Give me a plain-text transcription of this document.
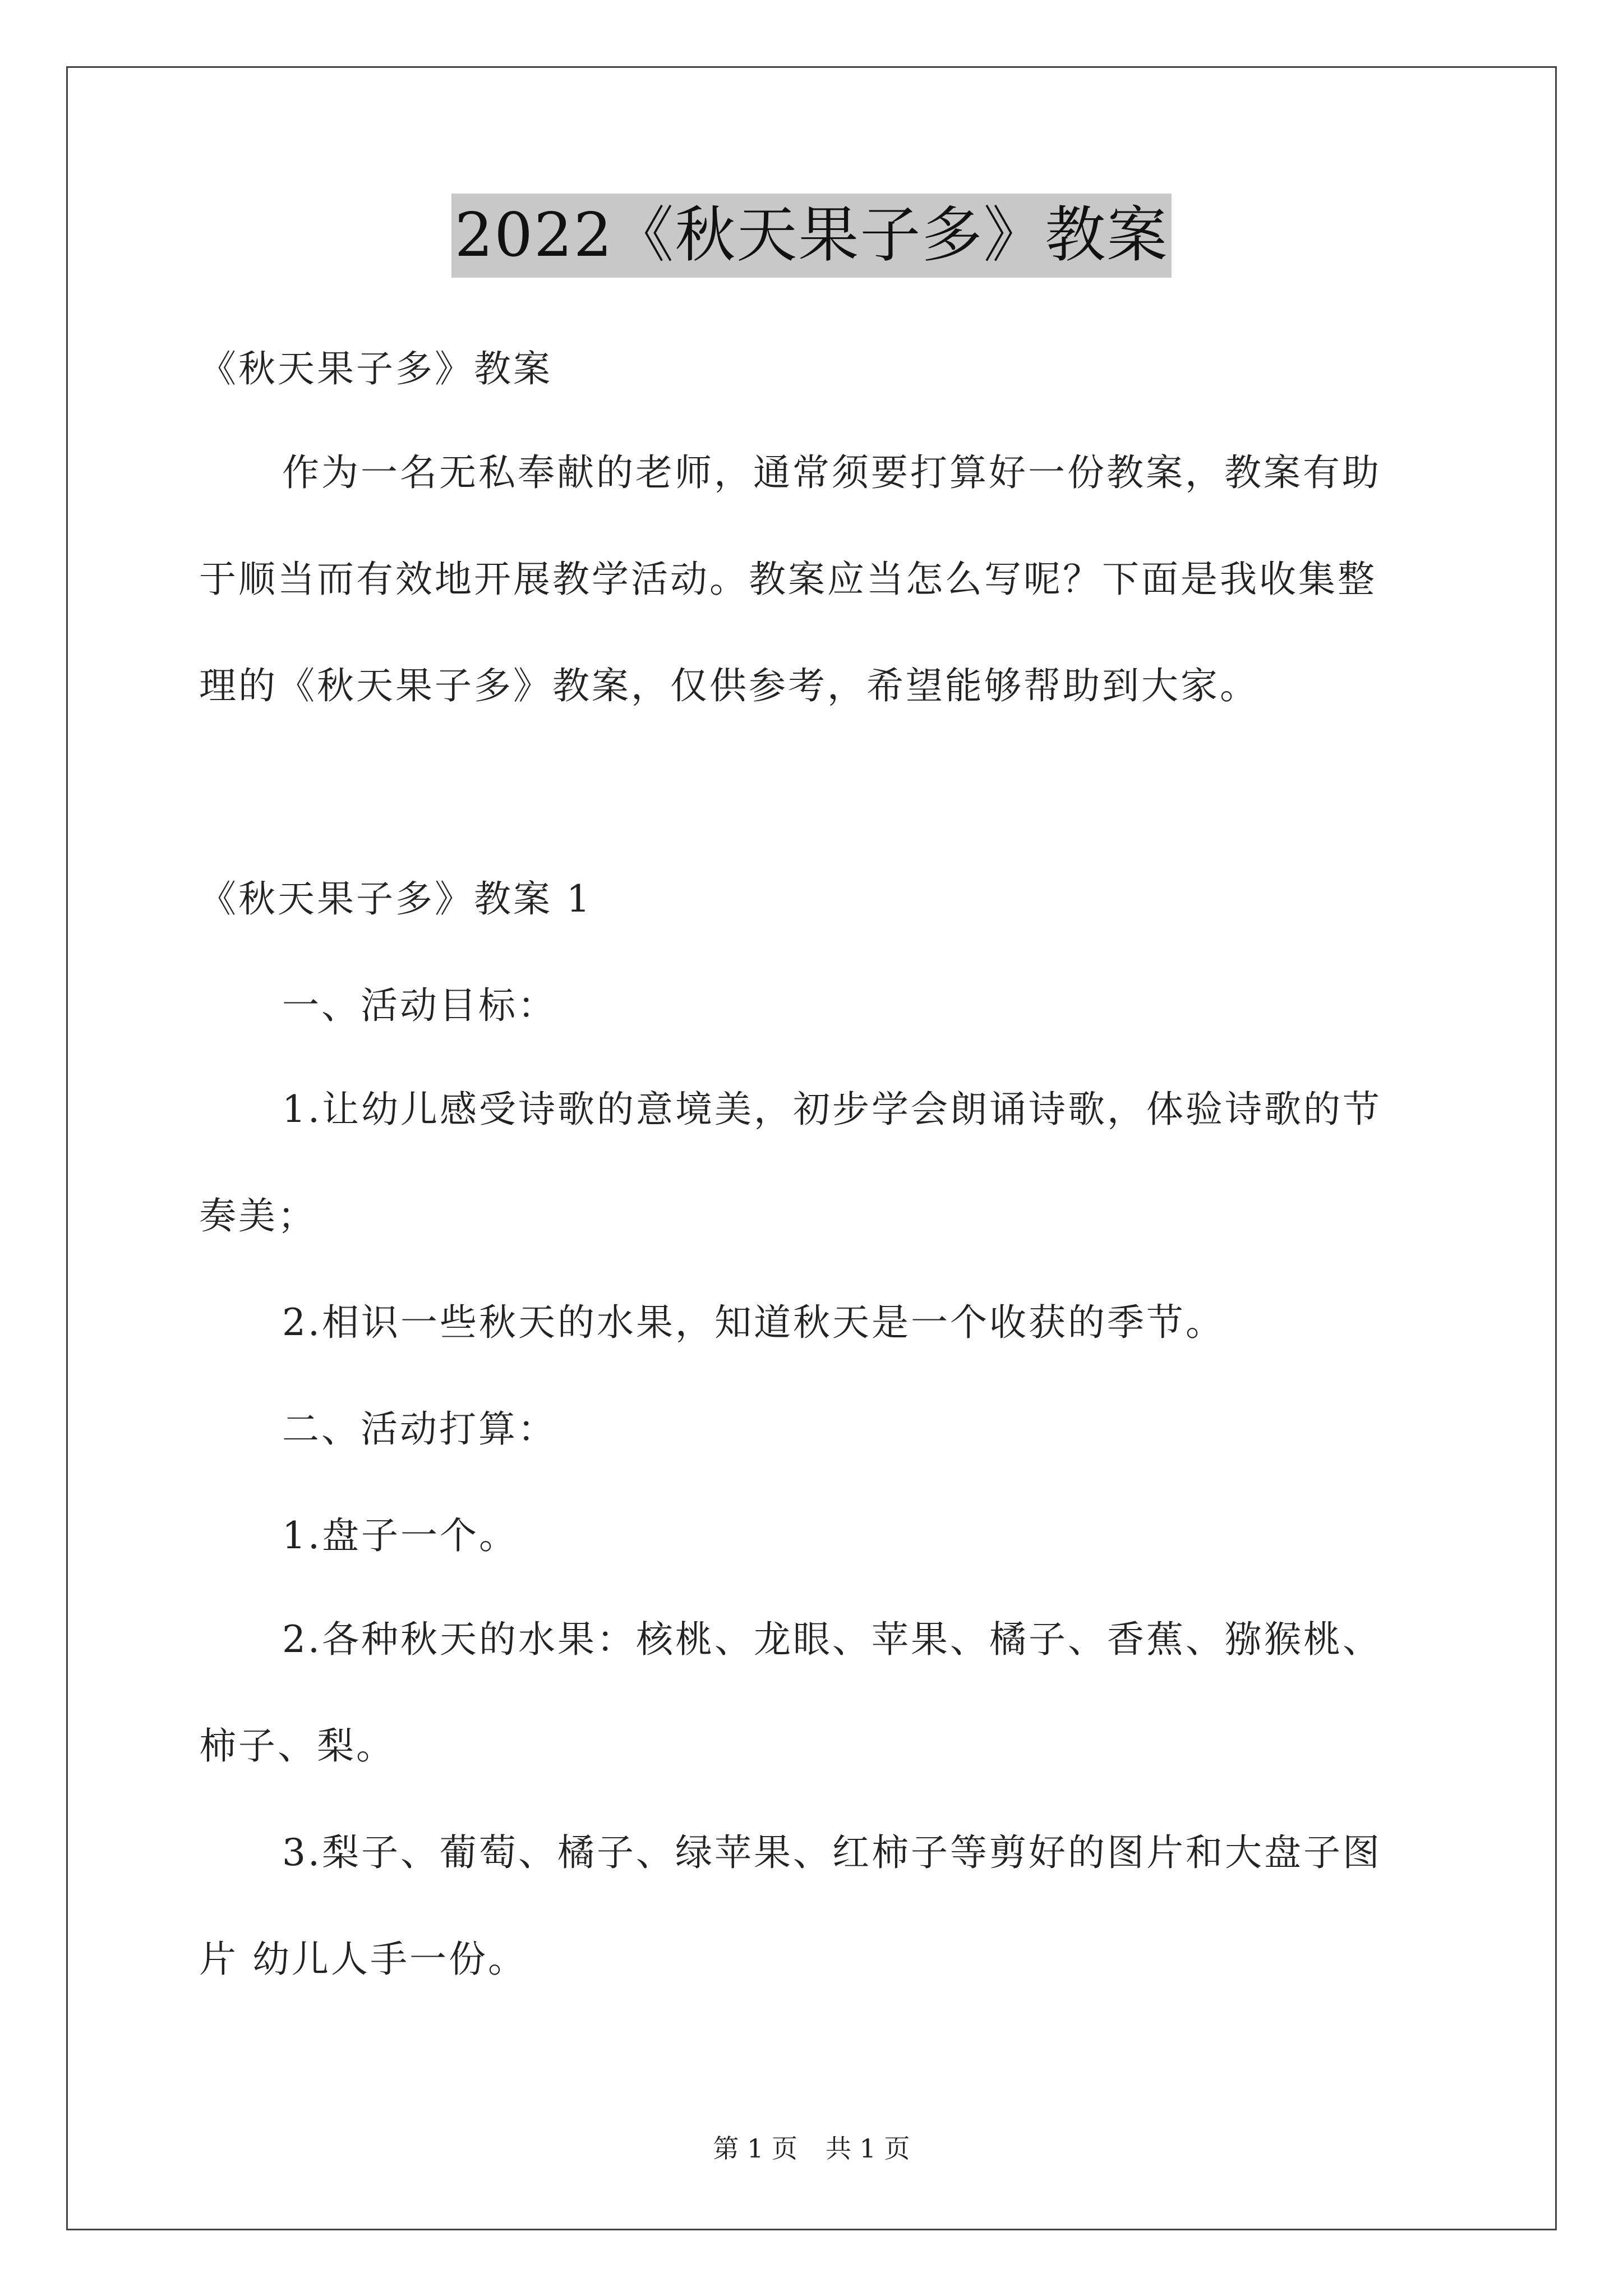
2022《秋天果子多》教案

《秋天果子多》教案

作为一名无私奉献的老师，通常须要打算好一份教案，教案有助

于顺当而有效地开展教学活动。教案应当怎么写呢？下面是我收集整

理的《秋天果子多》教案，仅供参考，希望能够帮助到大家。

《秋天果子多》教案 1

一、活动目标：

1.让幼儿感受诗歌的意境美，初步学会朗诵诗歌，体验诗歌的节

奏美；

2.相识一些秋天的水果，知道秋天是一个收获的季节。

二、活动打算：

1.盘子一个。

2.各种秋天的水果：核桃、龙眼、苹果、橘子、香蕉、猕猴桃、

柿子、梨。

3.梨子、葡萄、橘子、绿苹果、红柿子等剪好的图片和大盘子图

片 幼儿人手一份。

第 1 页 共 1 页
